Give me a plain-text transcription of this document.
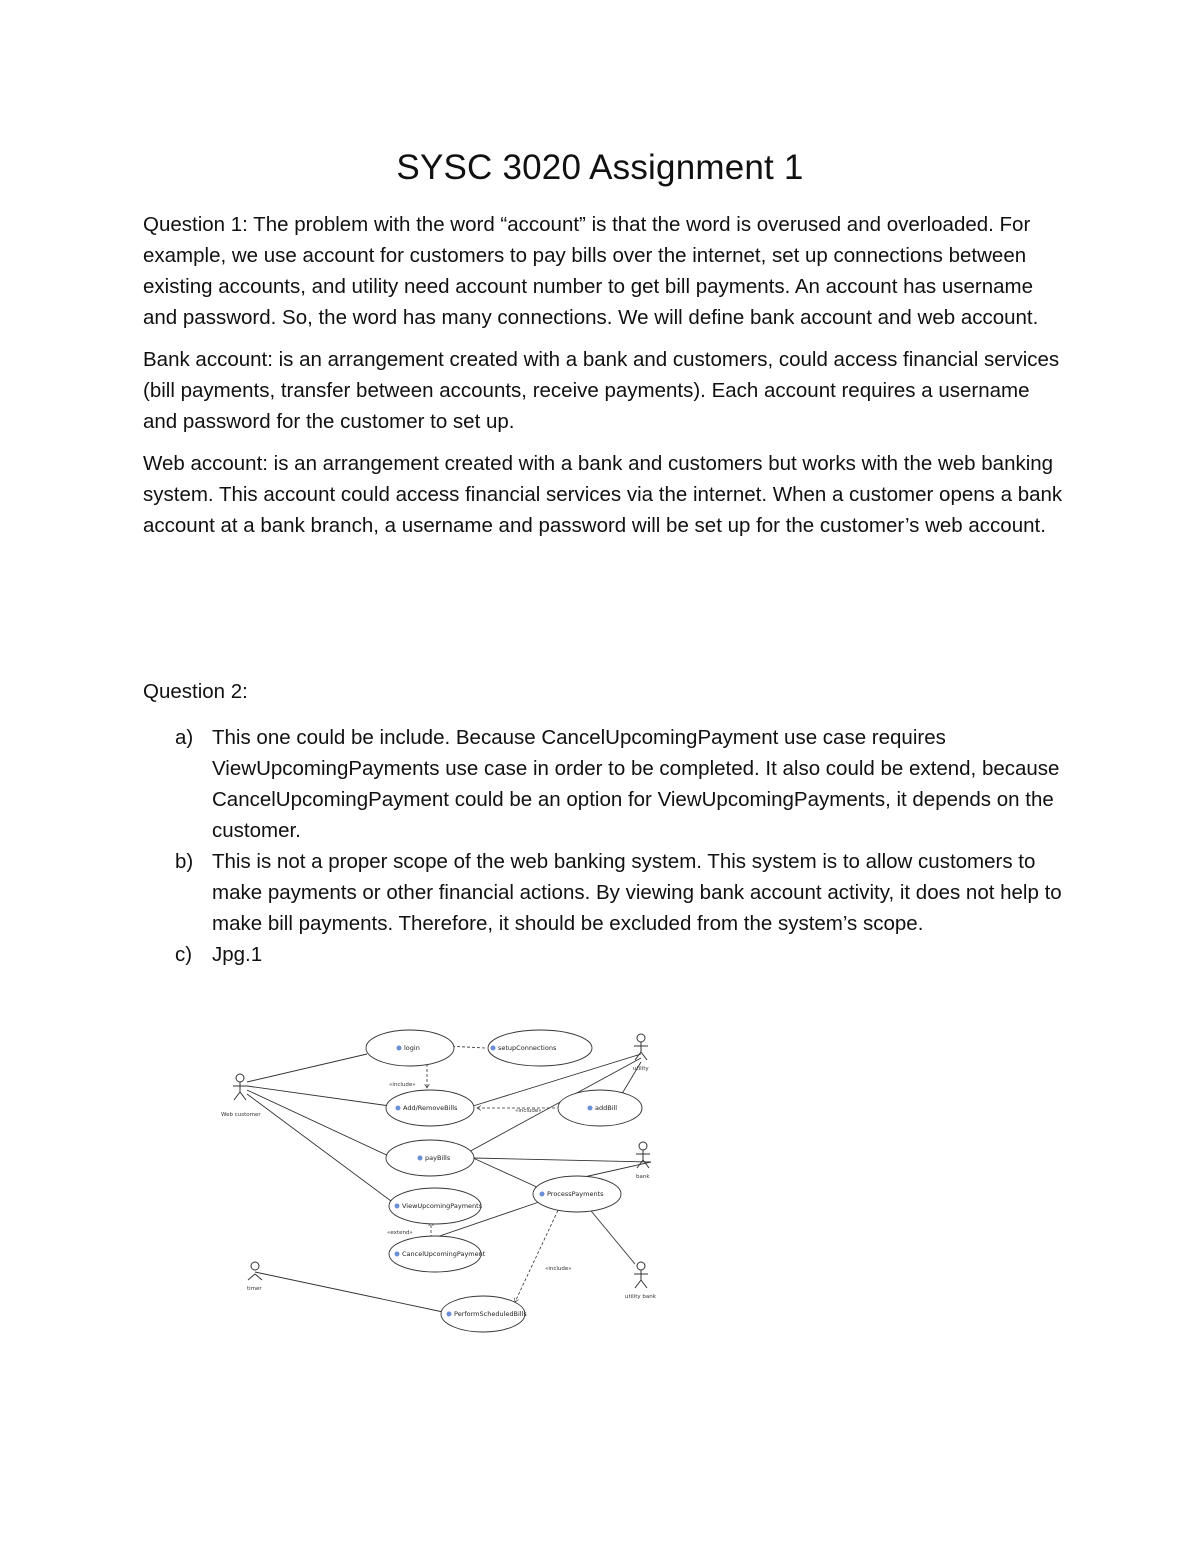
SYSC 3020 Assignment 1

Question 1: The problem with the word “account” is that the word is overused and overloaded. For example, we use account for customers to pay bills over the internet, set up connections between existing accounts, and utility need account number to get bill payments. An account has username and password. So, the word has many connections. We will define bank account and web account.

Bank account: is an arrangement created with a bank and customers, could access financial services (bill payments, transfer between accounts, receive payments). Each account requires a username and password for the customer to set up.

Web account: is an arrangement created with a bank and customers but works with the web banking system. This account could access financial services via the internet. When a customer opens a bank account at a bank branch, a username and password will be set up for the customer’s web account.

Question 2:
a) This one could be include. Because CancelUpcomingPayment use case requires ViewUpcomingPayments use case in order to be completed. It also could be extend, because CancelUpcomingPayment could be an option for ViewUpcomingPayments, it depends on the customer.
b) This is not a proper scope of the web banking system. This system is to allow customers to make payments or other financial actions. By viewing bank account activity, it does not help to make bill payments. Therefore, it should be excluded from the system’s scope.
c) Jpg.1
«include»
«include»
«extend»
«include»
login	setupConnections
Add/RemoveBills	addBill
payBills
ViewUpcomingPayments
ProcessPayments
CancelUpcomingPayment
PerformScheduledBills
Web customer
utility
bank
utility bank
timer
